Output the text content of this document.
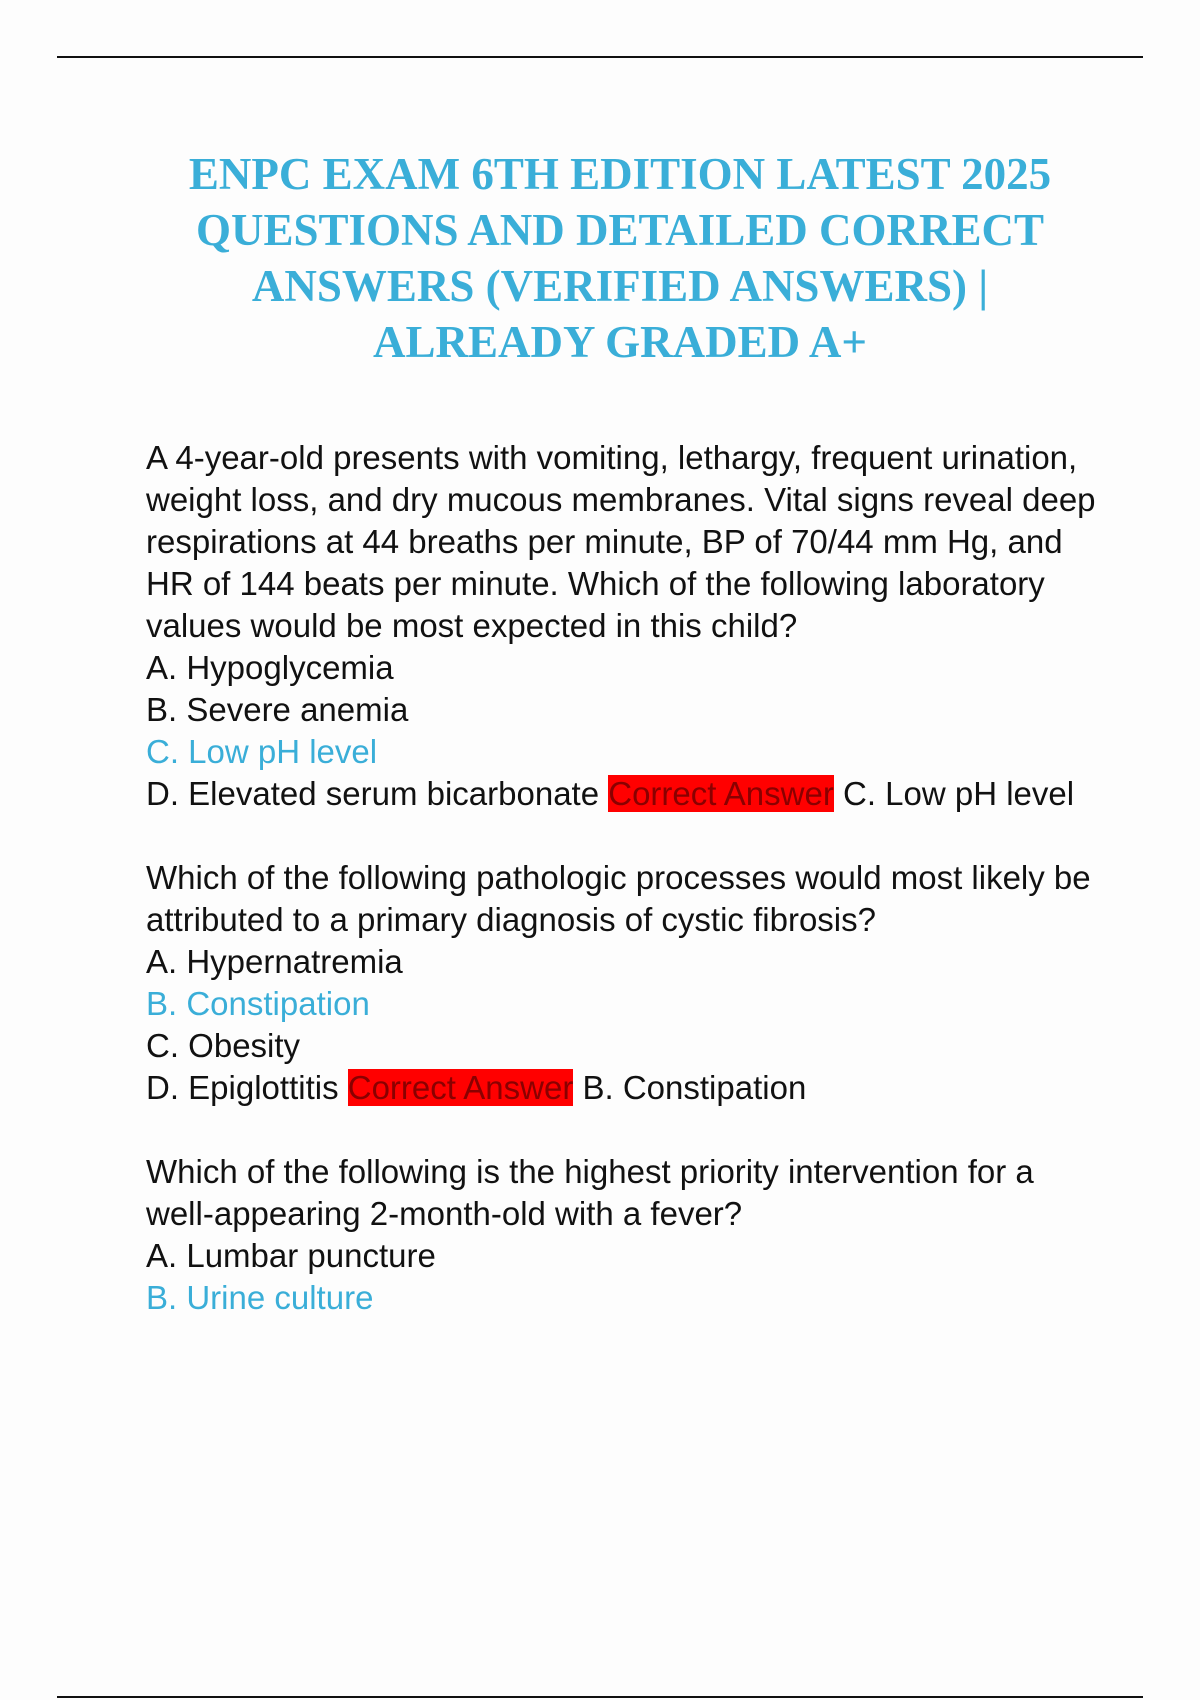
ENPC EXAM 6TH EDITION LATEST 2025 QUESTIONS AND DETAILED CORRECT ANSWERS (VERIFIED ANSWERS) | ALREADY GRADED A+

A 4-year-old presents with vomiting, lethargy, frequent urination, weight loss, and dry mucous membranes. Vital signs reveal deep respirations at 44 breaths per minute, BP of 70/44 mm Hg, and HR of 144 beats per minute. Which of the following laboratory values would be most expected in this child?

A. Hypoglycemia

B. Severe anemia

C. Low pH level

D. Elevated serum bicarbonate Correct Answer C. Low pH level

Which of the following pathologic processes would most likely be attributed to a primary diagnosis of cystic fibrosis?

A. Hypernatremia

B. Constipation

C. Obesity

D. Epiglottitis Correct Answer B. Constipation

Which of the following is the highest priority intervention for a well-appearing 2-month-old with a fever?

A. Lumbar puncture

B. Urine culture
